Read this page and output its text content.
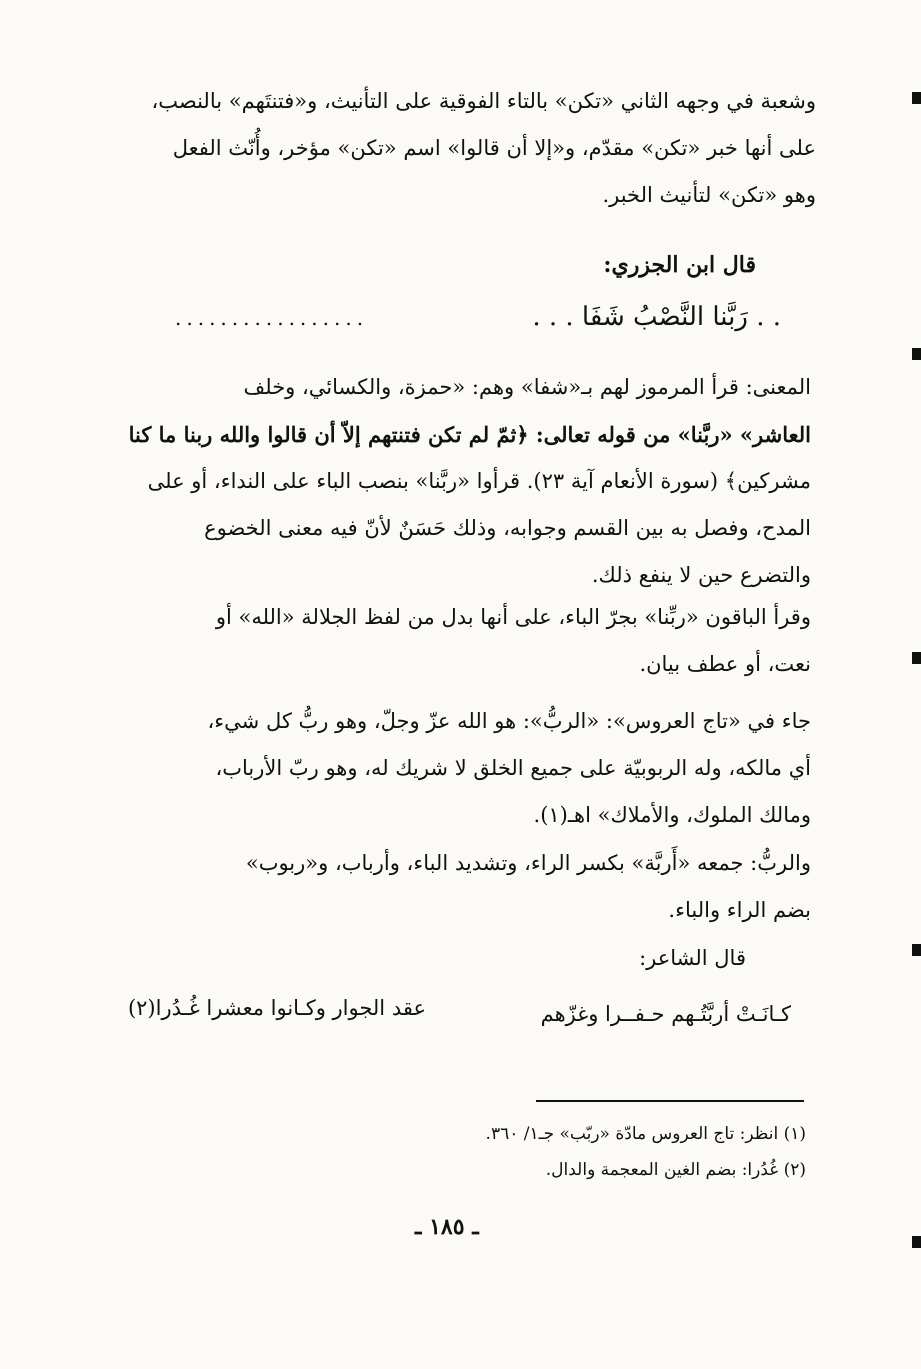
وشعبة في وجهه الثاني «تكن» بالتاء الفوقية على التأنيث، و«فتنتَهم» بالنصب،
على أنها خبر «تكن» مقدّم، و«إلا أن قالوا» اسم «تكن» مؤخر، وأُنّث الفعل
وهو «تكن» لتأنيث الخبر.
قال ابن الجزري:
. . رَبَّنا النَّصْبُ شَفَا . . .
.................
المعنى: قرأ المرموز لهم بـ«شفا» وهم: «حمزة، والكسائي، وخلف
العاشر» «ربَّنا» من قوله تعالى: ﴿ثمّ لم تكن فتنتهم إلاّ أن قالوا والله ربنا ما كنا
مشركين﴾ (سورة الأنعام آية ٢٣). قرأوا «ربَّنا» بنصب الباء على النداء، أو على
المدح، وفصل به بين القسم وجوابه، وذلك حَسَنٌ لأنّ فيه معنى الخضوع
والتضرع حين لا ينفع ذلك.
وقرأ الباقون «ربِّنا» بجرّ الباء، على أنها بدل من لفظ الجلالة «الله» أو
نعت، أو عطف بيان.
جاء في «تاج العروس»: «الربُّ»: هو الله عزّ وجلّ، وهو ربُّ كل شيء،
أي مالكه، وله الربوبيّة على جميع الخلق لا شريك له، وهو ربّ الأرباب،
ومالك الملوك، والأملاك» اهـ(١).
والربُّ: جمعه «أَربَّة» بكسر الراء، وتشديد الباء، وأرباب، و«ربوب»
بضم الراء والباء.
قال الشاعر:
كـانَـتْ أربَّتُـهم حـفــرا وغزّهم
عقد الجوار وكـانوا معشرا غُـدُرا(٢)
(١) انظر: تاج العروس مادّة «ربّب» جـ١/ ٣٦٠.
(٢) غُدُرا: بضم الغين المعجمة والدال.
ـ ١٨٥ ـ
